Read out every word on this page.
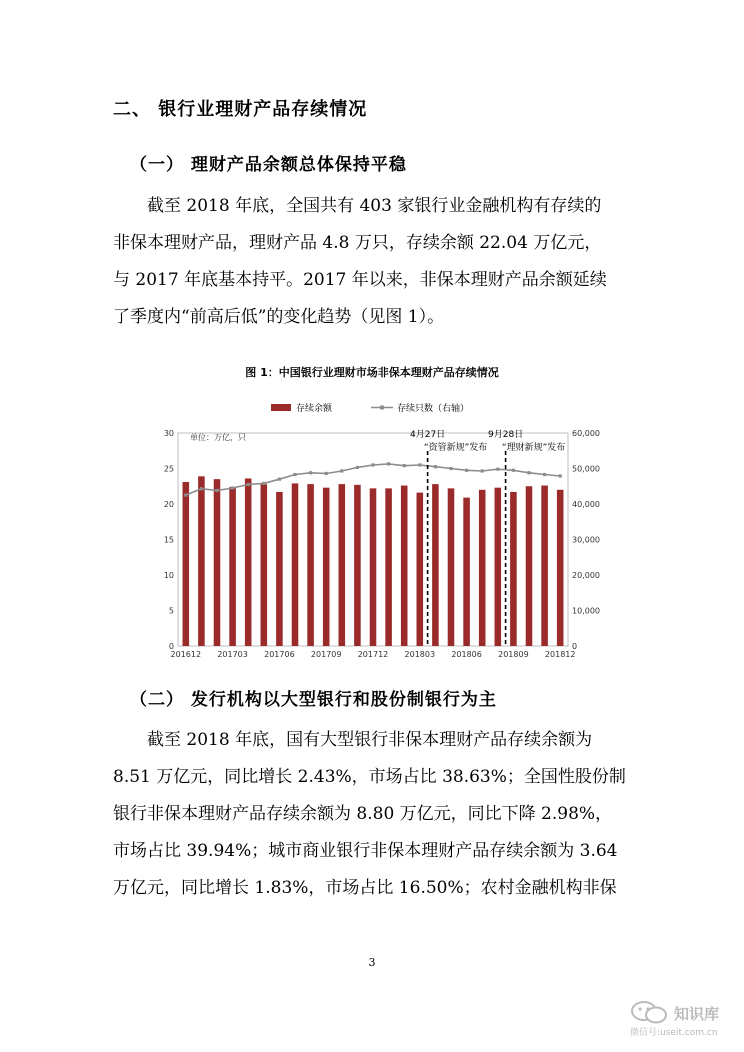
二、 银行业理财产品存续情况
（一） 理财产品余额总体保持平稳

　　截至 2018 年底，全国共有 403 家银行业金融机构有存续的

非保本理财产品，理财产品 4.8 万只，存续余额 22.04 万亿元，

与 2017 年底基本持平。2017 年以来，非保本理财产品余额延续

了季度内“前高后低”的变化趋势（见图 1）。

图 1：中国银行业理财市场非保本理财产品存续情况
0
5
10
15
20
25
30
0
10,000
20,000
30,000
40,000
50,000
60,000
201612 201703 201706 201709 201712 201803 201806 201809 201812
4月27日
“资管新规”发布
9月28日
“理财新规”发布
单位：万亿，只
存续余额	存续只数（右轴）
（二） 发行机构以大型银行和股份制银行为主

　　截至 2018 年底，国有大型银行非保本理财产品存续余额为

8.51 万亿元，同比增长 2.43%，市场占比 38.63%；全国性股份制

银行非保本理财产品存续余额为 8.80 万亿元，同比下降 2.98%，

市场占比 39.94%；城市商业银行非保本理财产品存续余额为 3.64

万亿元，同比增长 1.83%，市场占比 16.50%；农村金融机构非保

3
知识库
微信号:useit.com.cn
